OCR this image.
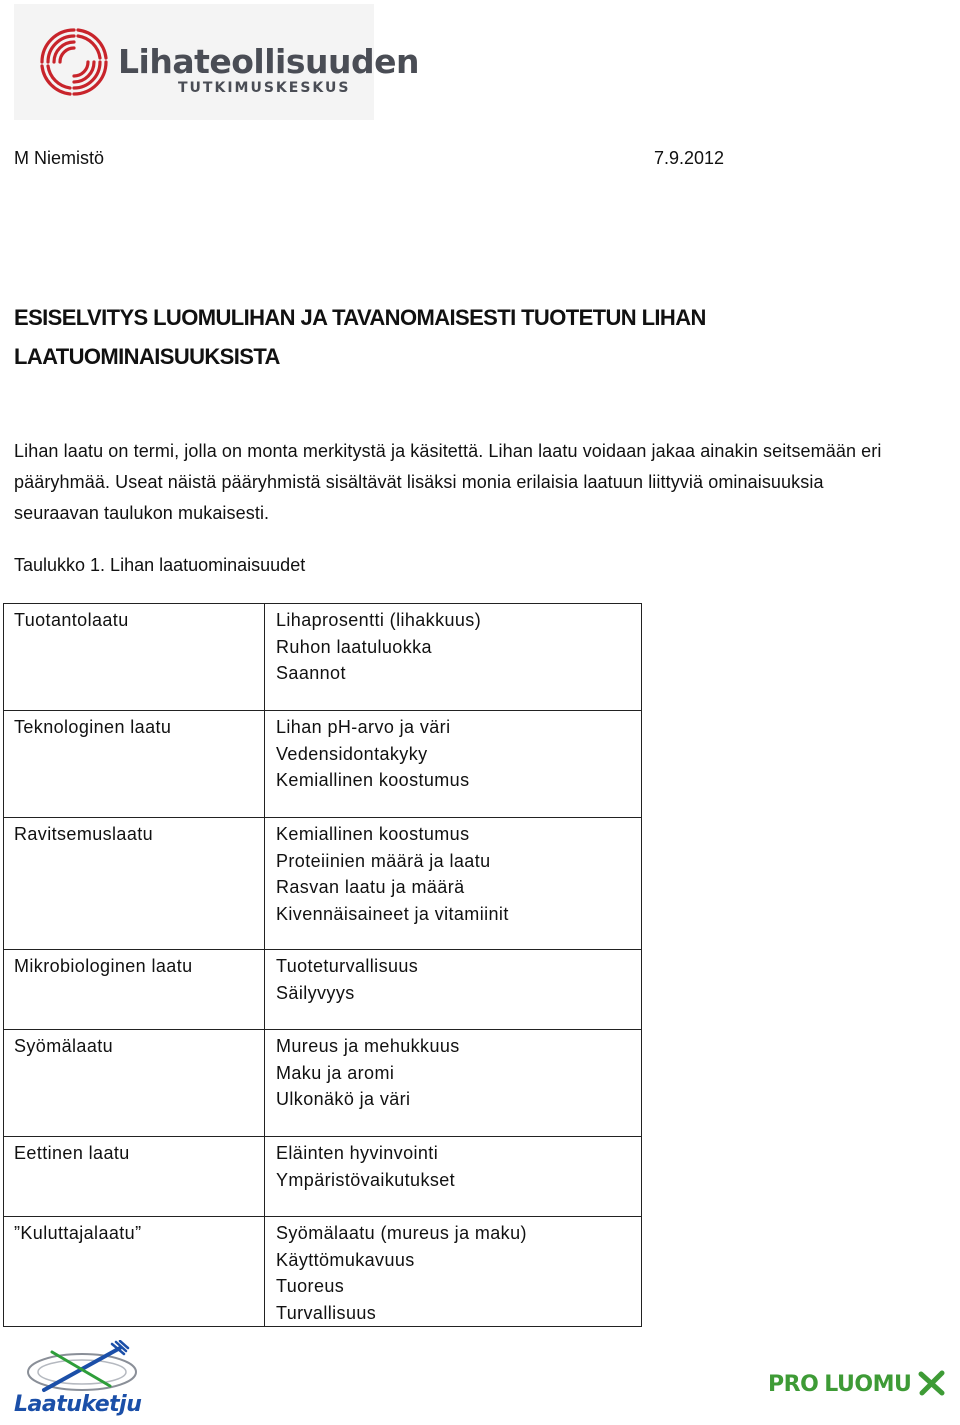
Lihateollisuuden
TUTKIMUSKESKUS
M Niemistö	7.9.2012
ESISELVITYS LUOMULIHAN JA TAVANOMAISESTI TUOTETUN LIHAN
LAATUOMINAISUUKSISTA
Lihan laatu on termi, jolla on monta merkitystä ja käsitettä. Lihan laatu voidaan jakaa ainakin seitsemään eri
pääryhmää. Useat näistä pääryhmistä sisältävät lisäksi monia erilaisia laatuun liittyviä ominaisuuksia
seuraavan taulukon mukaisesti.
Taulukko 1. Lihan laatuominaisuudet
Tuotantolaatu	Lihaprosentti (lihakkuus)
Ruhon laatuluokka
Saannot

Teknologinen laatu	Lihan pH-arvo ja väri
Vedensidontakyky
Kemiallinen koostumus

Ravitsemuslaatu	Kemiallinen koostumus
Proteiinien määrä ja laatu
Rasvan laatu ja määrä
Kivennäisaineet ja vitamiinit

Mikrobiologinen laatu	Tuoteturvallisuus
Säilyvyys

Syömälaatu	Mureus ja mehukkuus
Maku ja aromi
Ulkonäkö ja väri

Eettinen laatu	Eläinten hyvinvointi
Ympäristövaikutukset

”Kuluttajalaatu”	Syömälaatu (mureus ja maku)
Käyttömukavuus
Tuoreus
Turvallisuus
Laatuketju
PRO LUOMU
